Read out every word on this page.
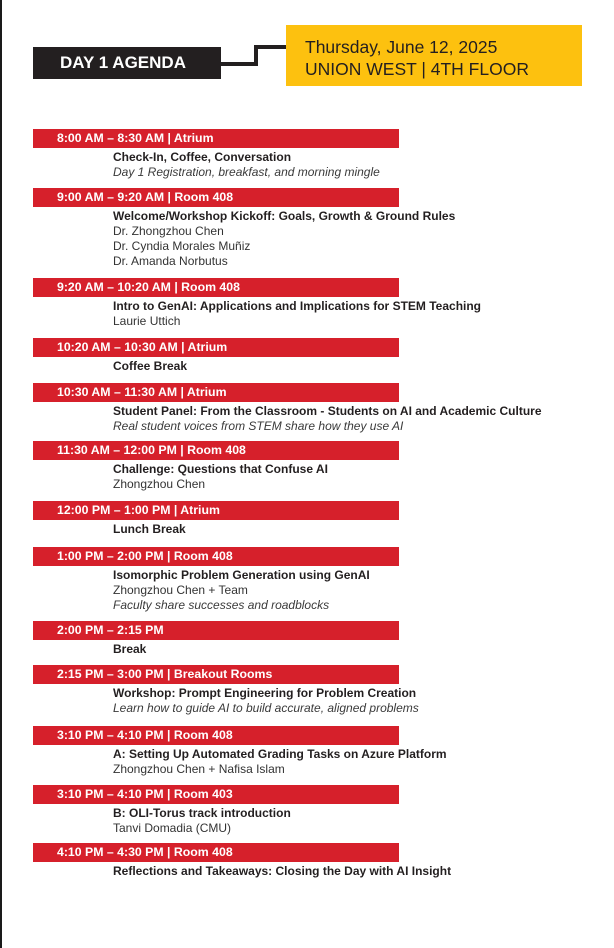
DAY 1 AGENDA
Thursday, June 12, 2025
UNION WEST | 4TH FLOOR
8:00 AM – 8:30 AM | Atrium
Check-In, Coffee, Conversation
Day 1 Registration, breakfast, and morning mingle
9:00 AM – 9:20 AM | Room 408
Welcome/Workshop Kickoff: Goals, Growth & Ground Rules
Dr. Zhongzhou Chen
Dr. Cyndia Morales Muñiz
Dr. Amanda Norbutus
9:20 AM – 10:20 AM | Room 408
Intro to GenAI: Applications and Implications for STEM Teaching
Laurie Uttich
10:20 AM – 10:30 AM | Atrium
Coffee Break
10:30 AM – 11:30 AM | Atrium
Student Panel: From the Classroom - Students on AI and Academic Culture
Real student voices from STEM share how they use AI
11:30 AM – 12:00 PM | Room 408
Challenge: Questions that Confuse AI
Zhongzhou Chen
12:00 PM – 1:00 PM | Atrium
Lunch Break
1:00 PM – 2:00 PM | Room 408
Isomorphic Problem Generation using GenAI
Zhongzhou Chen + Team
Faculty share successes and roadblocks
2:00 PM – 2:15 PM
Break
2:15 PM – 3:00 PM | Breakout Rooms
Workshop: Prompt Engineering for Problem Creation
Learn how to guide AI to build accurate, aligned problems
3:10 PM – 4:10 PM | Room 408
A: Setting Up Automated Grading Tasks on Azure Platform
Zhongzhou Chen + Nafisa Islam
3:10 PM – 4:10 PM | Room 403
B: OLI-Torus track introduction
Tanvi Domadia (CMU)
4:10 PM – 4:30 PM | Room 408
Reflections and Takeaways: Closing the Day with AI Insight
